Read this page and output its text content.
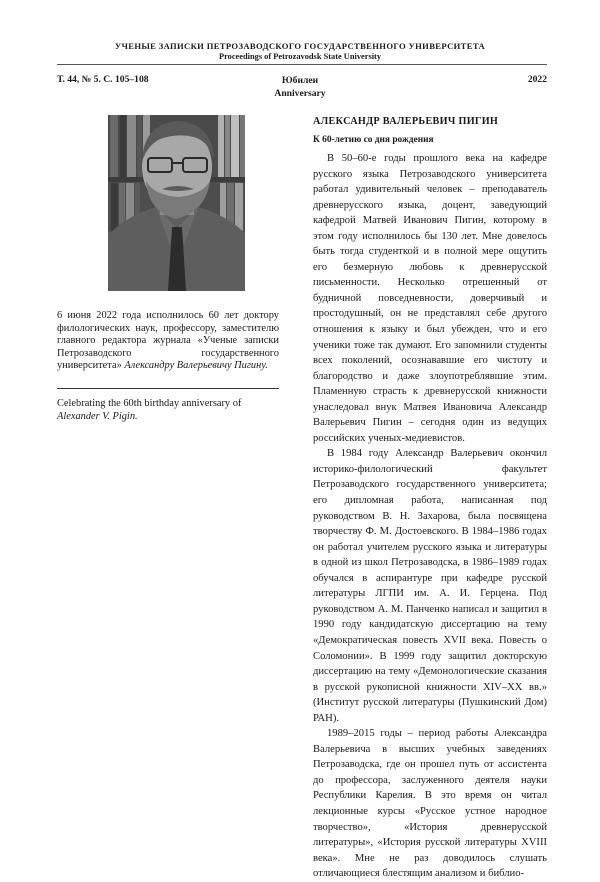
УЧЕНЫЕ ЗАПИСКИ ПЕТРОЗАВОДСКОГО ГОСУДАРСТВЕННОГО УНИВЕРСИТЕТА
Proceedings of Petrozavodsk State University
Т. 44, № 5. С. 105–108	Юбилеи
Anniversary
2022

6 июня 2022 года исполнилось 60 лет доктору филологических наук, профессору, заместителю главного редактора журнала «Ученые записки Петрозаводского государственного университета» Александру Валерьевичу Пигину.

Celebrating the 60th birthday anniversary of Alexander V. Pigin.
АЛЕКСАНДР ВАЛЕРЬЕВИЧ ПИГИН
К 60-летию со дня рождения

В 50–60-е годы прошлого века на кафедре русского языка Петрозаводского университета работал удивительный человек – преподаватель древнерусского языка, доцент, заведующий кафедрой Матвей Иванович Пигин, которому в этом году исполнилось бы 130 лет. Мне довелось быть тогда студенткой и в полной мере ощутить его безмерную любовь к древнерусской письменности. Несколько отрешенный от будничной повседневности, доверчивый и простодушный, он не представлял себе другого отношения к языку и был убежден, что и его ученики тоже так думают. Его запомнили студенты всех поколений, осознававшие его чистоту и благородство и даже злоупотреблявшие этим. Пламенную страсть к древнерусской книжности унаследовал внук Матвея Ивановича Александр Валерьевич Пигин – сегодня один из ведущих российских ученых-медиевистов.

В 1984 году Александр Валерьевич окончил историко-филологический факультет Петрозаводского государственного университета; его дипломная работа, написанная под руководством В. Н. Захарова, была посвящена творчеству Ф. М. Достоевского. В 1984–1986 годах он работал учителем русского языка и литературы в одной из школ Петрозаводска, в 1986–1989 годах обучался в аспирантуре при кафедре русской литературы ЛГПИ им. А. И. Герцена. Под руководством А. М. Панченко написал и защитил в 1990 году кандидатскую диссертацию на тему «Демократическая повесть XVII века. Повесть о Соломонии». В 1999 году защитил докторскую диссертацию на тему «Демонологические сказания в русской рукописной книжности XIV–XX вв.» (Институт русской литературы (Пушкинский Дом) РАН).

1989–2015 годы – период работы Александра Валерьевича в высших учебных заведениях Петрозаводска, где он прошел путь от ассистента до профессора, заслуженного деятеля науки Республики Карелия. В это время он читал лекционные курсы «Русское устное народное творчество», «История древнерусской литературы», «История русской литературы XVIII века». Мне не раз доводилось слушать отличающиеся блестящим анализом и библио-
